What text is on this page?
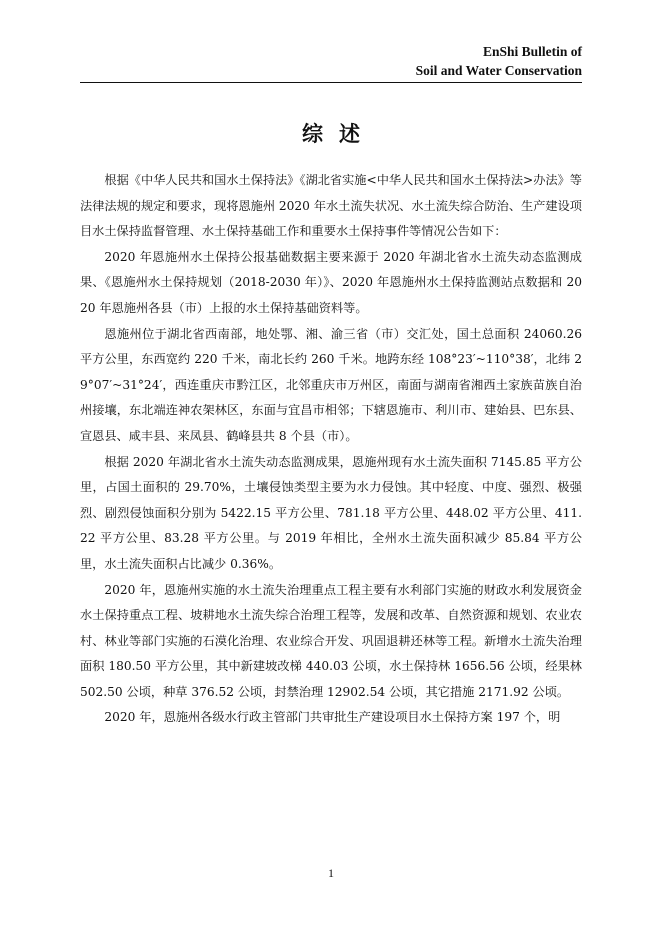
EnShi Bulletin of
Soil and Water Conservation
综述

根据《中华人民共和国水土保持法》《湖北省实施<中华人民共和国水土保持法>办法》等法律法规的规定和要求，现将恩施州 2020 年水土流失状况、水土流失综合防治、生产建设项目水土保持监督管理、水土保持基础工作和重要水土保持事件等情况公告如下：

2020 年恩施州水土保持公报基础数据主要来源于 2020 年湖北省水土流失动态监测成果、《恩施州水土保持规划（2018-2030 年）》、2020 年恩施州水土保持监测站点数据和 2020 年恩施州各县（市）上报的水土保持基础资料等。

恩施州位于湖北省西南部，地处鄂、湘、渝三省（市）交汇处，国土总面积 24060.26 平方公里，东西宽约 220 千米，南北长约 260 千米。地跨东经 108°23′~110°38′，北纬 29°07′~31°24′，西连重庆市黔江区，北邻重庆市万州区，南面与湖南省湘西土家族苗族自治州接壤，东北端连神农架林区，东面与宜昌市相邻；下辖恩施市、利川市、建始县、巴东县、宣恩县、咸丰县、来凤县、鹤峰县共 8 个县（市）。

根据 2020 年湖北省水土流失动态监测成果，恩施州现有水土流失面积 7145.85 平方公里，占国土面积的 29.70%，土壤侵蚀类型主要为水力侵蚀。其中轻度、中度、强烈、极强烈、剧烈侵蚀面积分别为 5422.15 平方公里、781.18 平方公里、448.02 平方公里、411.22 平方公里、83.28 平方公里。与 2019 年相比，全州水土流失面积减少 85.84 平方公里，水土流失面积占比减少 0.36%。

2020 年，恩施州实施的水土流失治理重点工程主要有水利部门实施的财政水利发展资金水土保持重点工程、坡耕地水土流失综合治理工程等，发展和改革、自然资源和规划、农业农村、林业等部门实施的石漠化治理、农业综合开发、巩固退耕还林等工程。新增水土流失治理面积 180.50 平方公里，其中新建坡改梯 440.03 公顷，水土保持林 1656.56 公顷，经果林 502.50 公顷，种草 376.52 公顷，封禁治理 12902.54 公顷，其它措施 2171.92 公顷。

2020 年，恩施州各级水行政主管部门共审批生产建设项目水土保持方案 197 个，明

1
